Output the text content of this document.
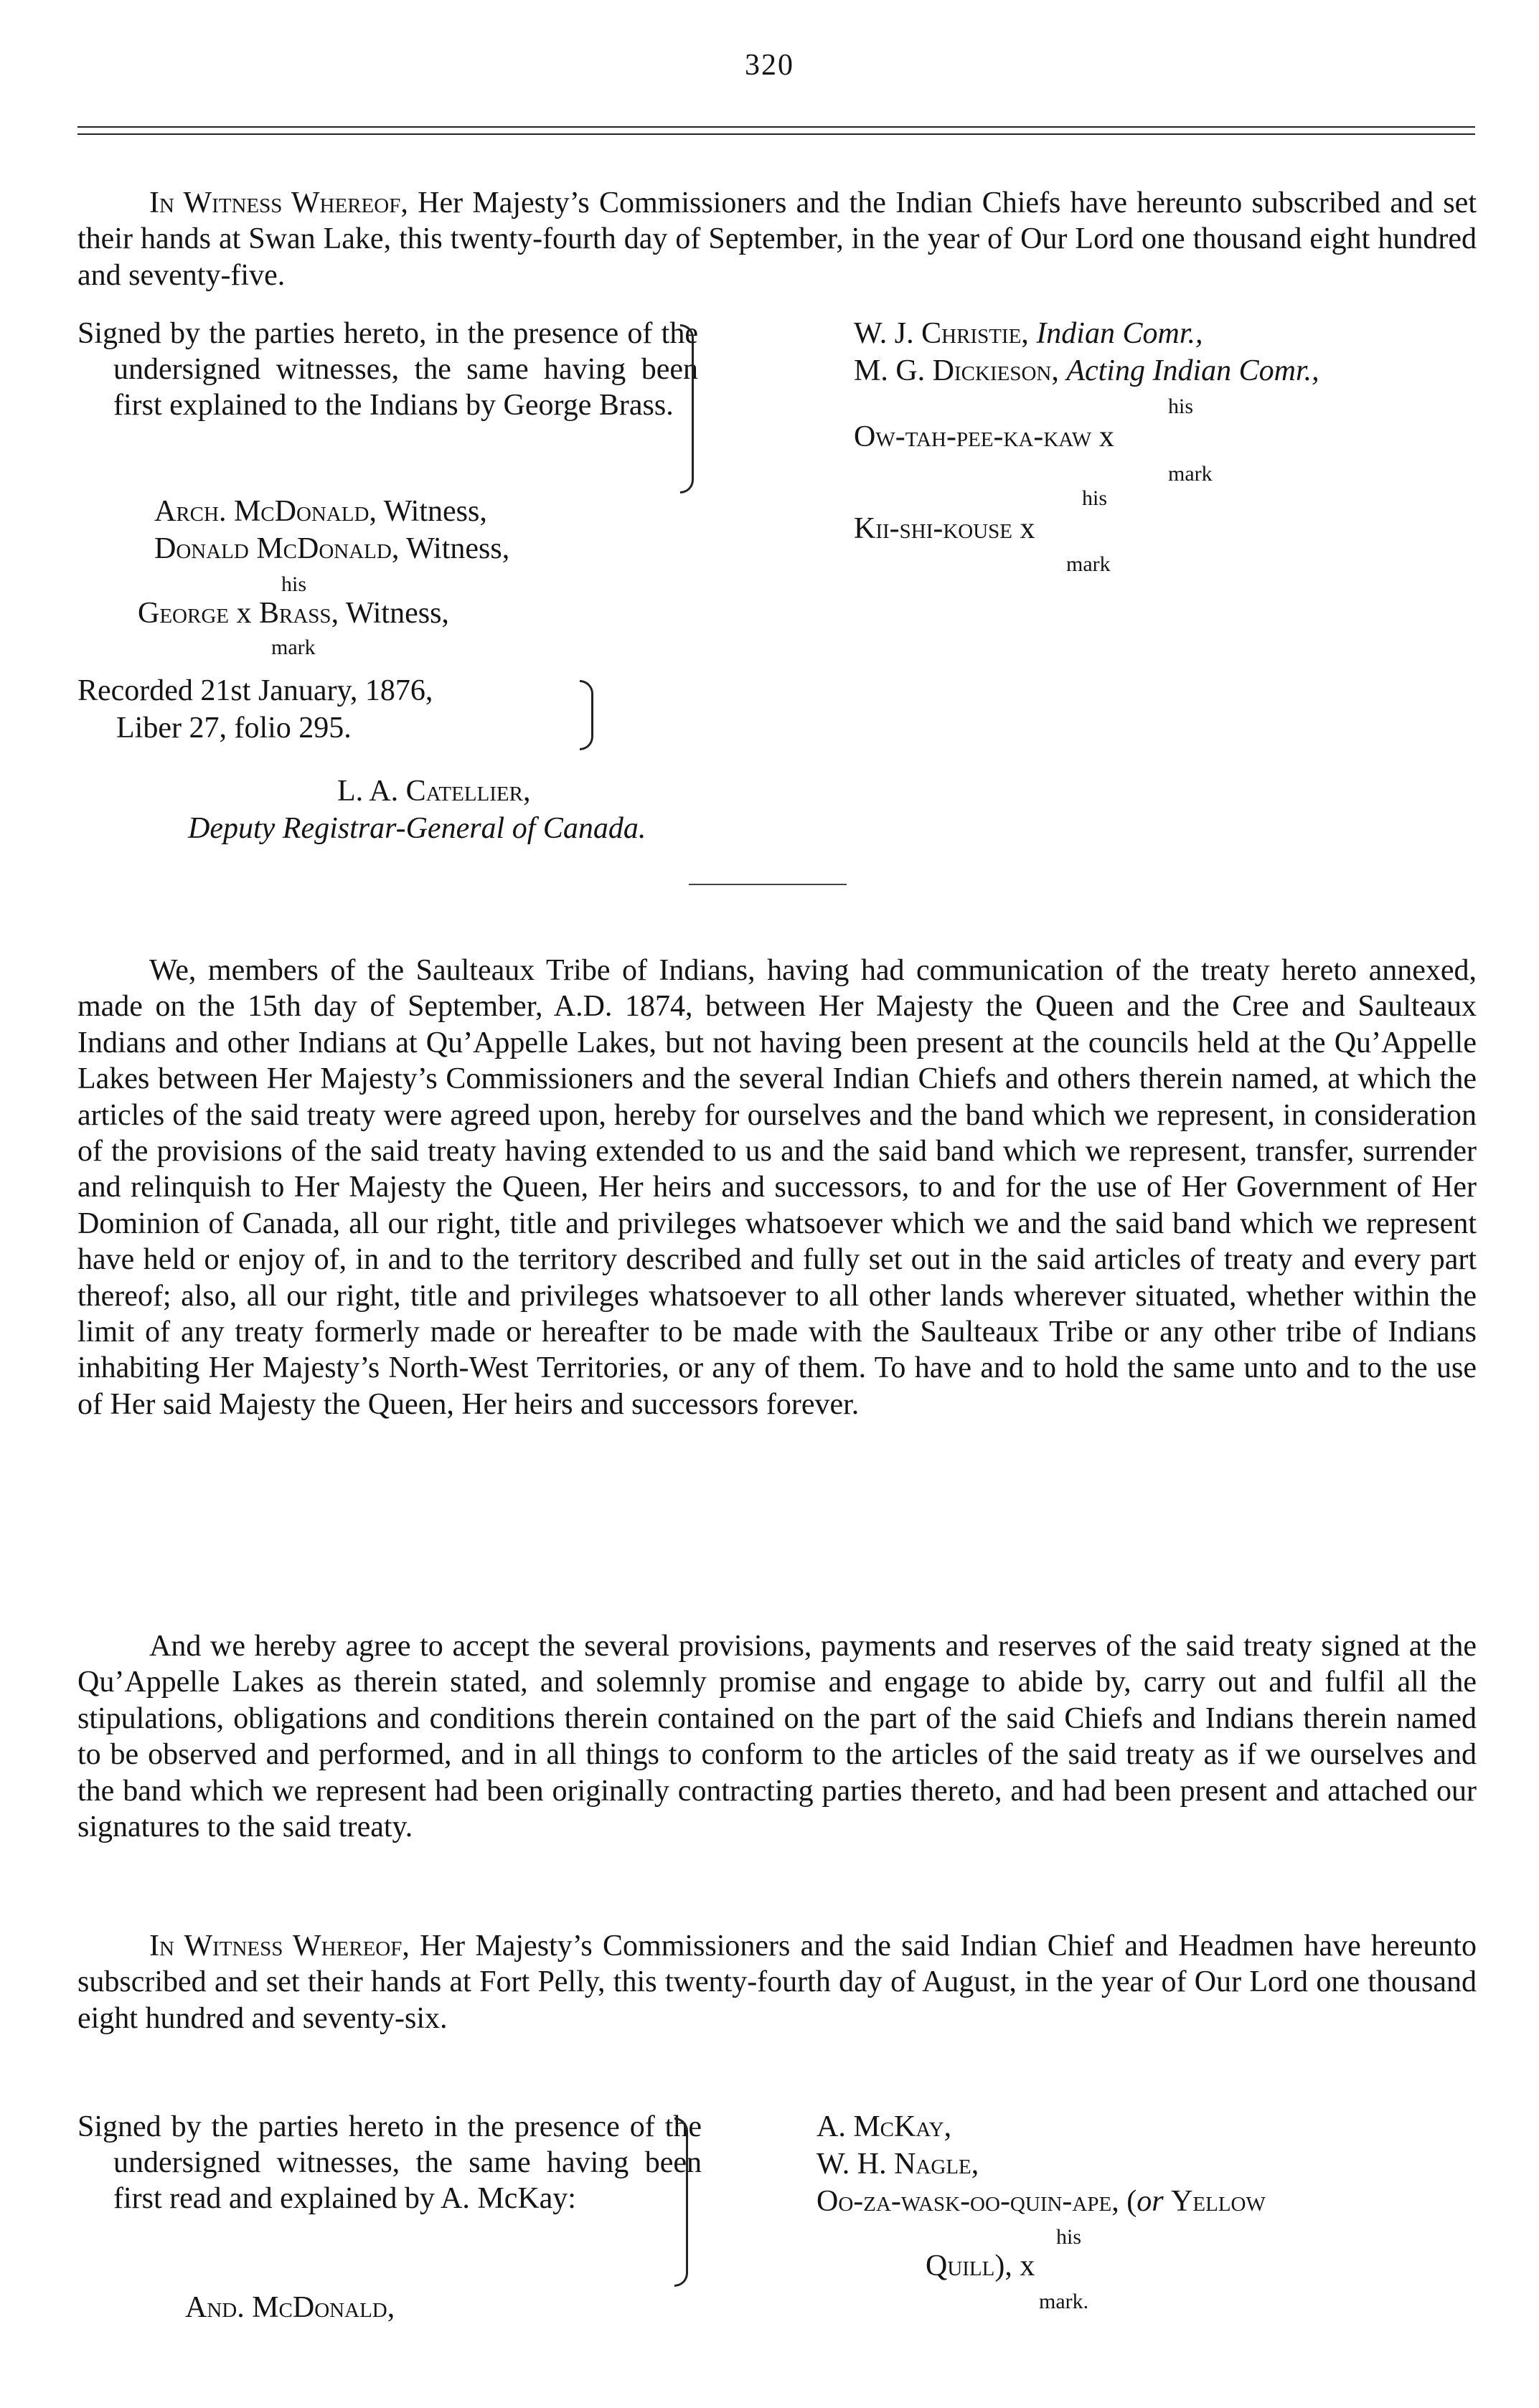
320
In Witness Whereof, Her Majesty’s Commissioners and the Indian Chiefs have hereunto subscribed and set their hands at Swan Lake, this twenty-fourth day of September, in the year of Our Lord one thousand eight hundred and seventy-five.
Signed by the parties hereto, in the presence of the undersigned witnesses, the same having been first explained to the Indians by George Brass.
Arch. McDonald, Witness,
Donald McDonald, Witness,
his
George x Brass, Witness,
mark
Recorded 21st January, 1876,
Liber 27, folio 295.
L. A. Catellier,
Deputy Registrar-General of Canada.
W. J. Christie, Indian Comr.,
M. G. Dickieson, Acting Indian Comr.,
his
Ow-tah-pee-ka-kaw x
mark
his
Kii-shi-kouse x
mark
We, members of the Saulteaux Tribe of Indians, having had communication of the treaty hereto annexed, made on the 15th day of September, A.D. 1874, between Her Majesty the Queen and the Cree and Saulteaux Indians and other Indians at Qu’Appelle Lakes, but not having been present at the councils held at the Qu’Appelle Lakes between Her Majesty’s Commissioners and the several Indian Chiefs and others therein named, at which the articles of the said treaty were agreed upon, hereby for ourselves and the band which we represent, in consideration of the provisions of the said treaty having extended to us and the said band which we represent, transfer, surrender and relinquish to Her Majesty the Queen, Her heirs and successors, to and for the use of Her Government of Her Dominion of Canada, all our right, title and privileges whatsoever which we and the said band which we represent have held or enjoy of, in and to the territory described and fully set out in the said articles of treaty and every part thereof; also, all our right, title and privileges whatsoever to all other lands wherever situated, whether within the limit of any treaty formerly made or hereafter to be made with the Saulteaux Tribe or any other tribe of Indians inhabiting Her Majesty’s North-West Territories, or any of them. To have and to hold the same unto and to the use of Her said Majesty the Queen, Her heirs and successors forever.
And we hereby agree to accept the several provisions, payments and reserves of the said treaty signed at the Qu’Appelle Lakes as therein stated, and solemnly promise and engage to abide by, carry out and fulfil all the stipulations, obligations and conditions therein contained on the part of the said Chiefs and Indians therein named to be observed and performed, and in all things to conform to the articles of the said treaty as if we ourselves and the band which we represent had been originally contracting parties thereto, and had been present and attached our signatures to the said treaty.
In Witness Whereof, Her Majesty’s Commissioners and the said Indian Chief and Headmen have hereunto subscribed and set their hands at Fort Pelly, this twenty-fourth day of August, in the year of Our Lord one thousand eight hundred and seventy-six.
Signed by the parties hereto in the presence of the undersigned witnesses, the same having been first read and explained by A. McKay:
And. McDonald,
A. McKay,
W. H. Nagle,
Oo-za-wask-oo-quin-ape, (or Yellow
his
Quill), x
mark.
